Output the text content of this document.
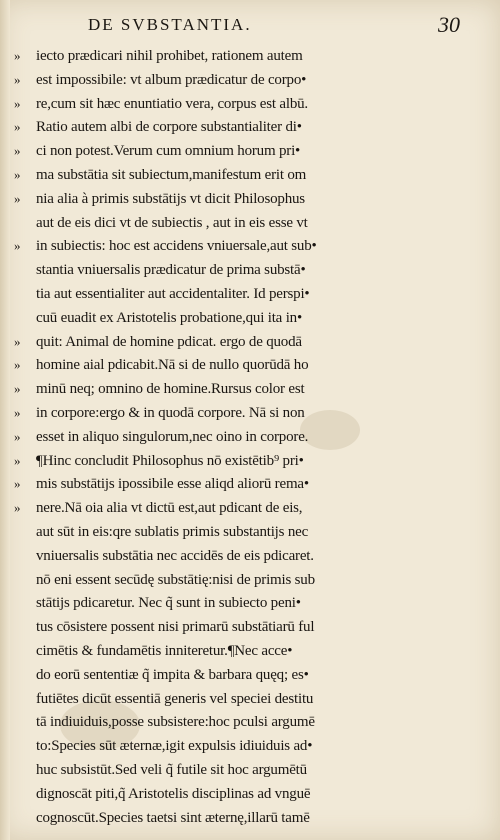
DE SVBSTANTIA.	30
»	iecto prædicari nihil prohibet, rationem autem
»	est impossibile: vt album prædicatur de corpo•
»	re,cum sit hæc enuntiatio vera, corpus est albū.
»	Ratio autem albi de corpore substantialiter di•
»	ci non potest.Verum cum omnium horum pri•
»	ma substātia sit subiectum,manifestum erit om
»	nia alia à primis substātijs vt dicit Philosophus
aut de eis dici vt de subiectis , aut in eis esse vt
»	in subiectis: hoc est accidens vniuersale,aut sub•
stantia vniuersalis prædicatur de prima substā•
tia aut essentialiter aut accidentaliter. Id perspi•
cuū euadit ex Aristotelis probatione,qui ita in•
»	quit: Animal de homine pdicat. ergo de quodā
»	homine aial pdicabit.Nā si de nullo quorūdā ho
»	minū neq; omnino de homine.Rursus color est
»	in corpore:ergo & in quodā corpore. Nā si non
»	esset in aliquo singulorum,nec oino in corpore.
»	¶Hinc concludit Philosophus nō existētib⁹ pri•
»	mis substātijs ipossibile esse aliqd aliorū rema•
»	nere.Nā oia alia vt dictū est,aut pdicant de eis,
aut sūt in eis:qre sublatis primis substantijs nec
vniuersalis substātia nec accidēs de eis pdicaret.
nō eni essent secūdę substātię:nisi de primis sub
stātijs pdicaretur. Nec q̃ sunt in subiecto peni•
tus cōsistere possent nisi primarū substātiarū ful
cimētis & fundamētis inniteretur.¶Nec acce•
do eorū sententiæ q̃ impita & barbara quęq; es•
futiētes dicūt essentiā generis vel speciei destitu
tā indiuiduis,posse subsistere:hoc pculsi argumē
to:Species sūt æternæ,igit expulsis idiuiduis ad•
huc subsistūt.Sed veli q̃ futile sit hoc argumētū
dignoscāt piti,q̃ Aristotelis disciplinas ad vnguē
cognoscūt.Species taetsi sint æternę,illarū tamē
